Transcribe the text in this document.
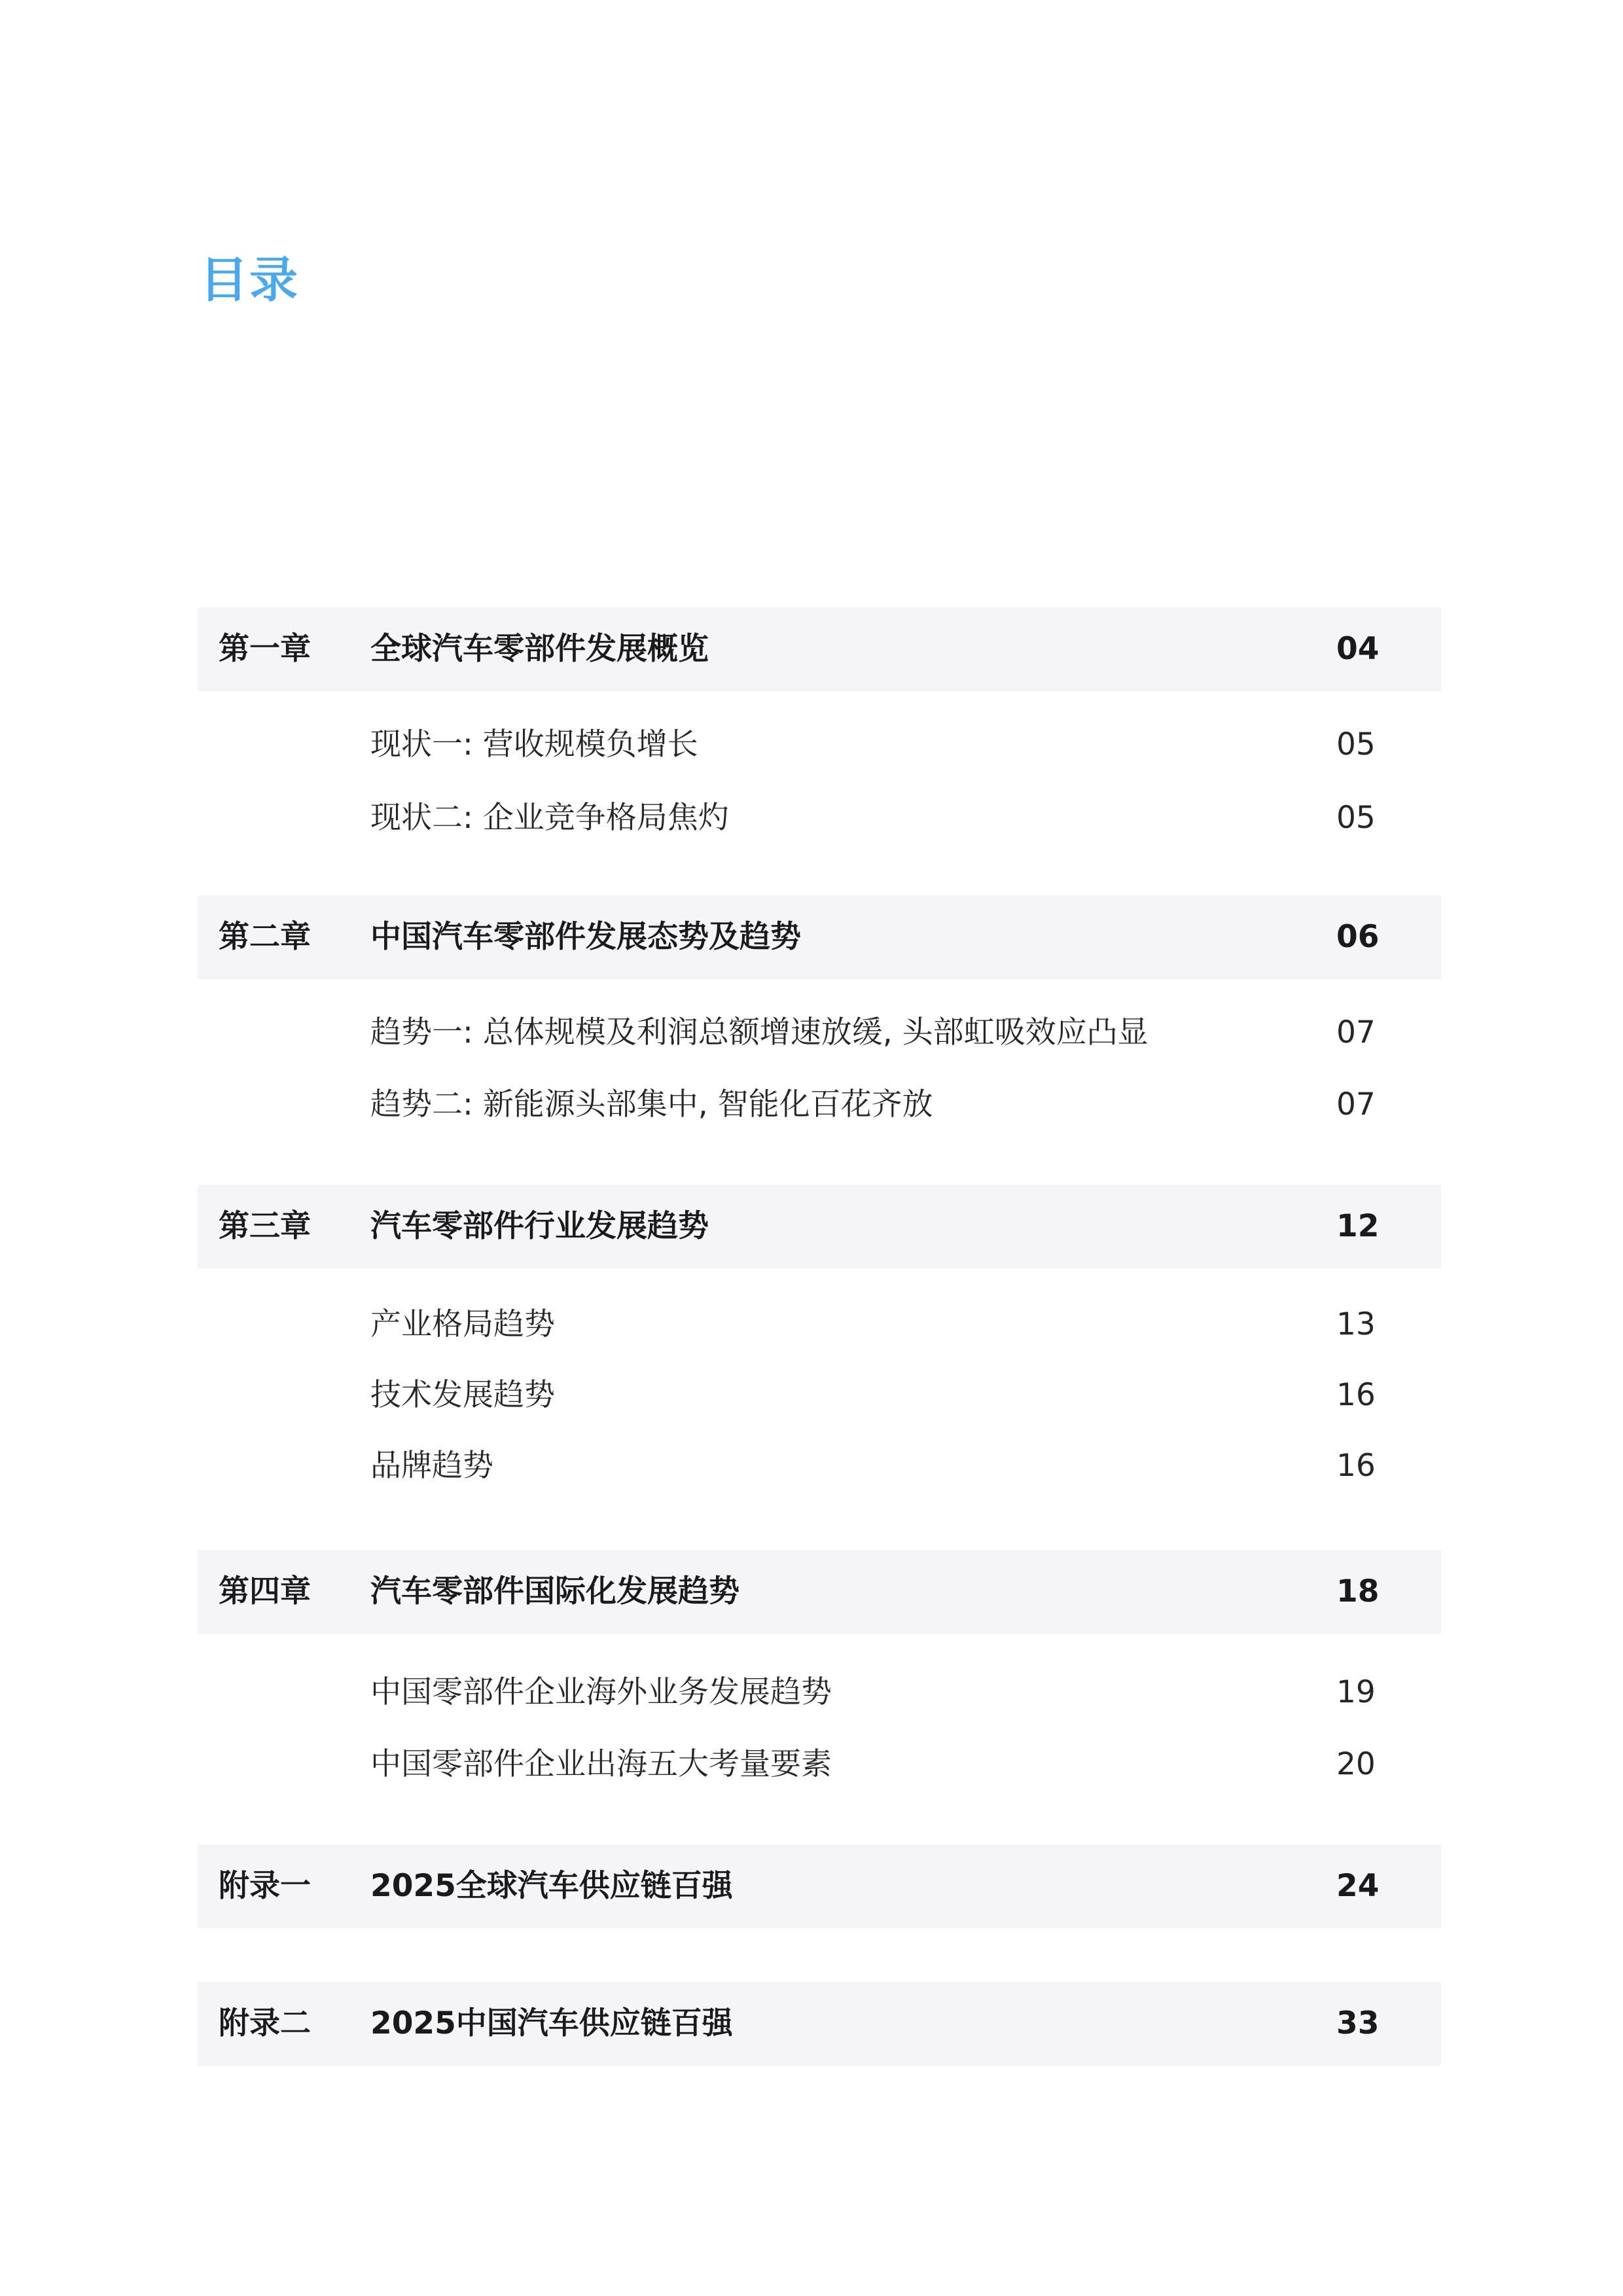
目录
第一章 全球汽车零部件发展概览	04
现状一: 营收规模负增长	05
现状二: 企业竞争格局焦灼	05
第二章 中国汽车零部件发展态势及趋势	06
趋势一: 总体规模及利润总额增速放缓, 头部虹吸效应凸显	07
趋势二: 新能源头部集中, 智能化百花齐放	07
第三章 汽车零部件行业发展趋势	12
产业格局趋势	13
技术发展趋势	16
品牌趋势	16
第四章 汽车零部件国际化发展趋势	18
中国零部件企业海外业务发展趋势	19
中国零部件企业出海五大考量要素	20
附录一 2025全球汽车供应链百强	24
附录二 2025中国汽车供应链百强	33
